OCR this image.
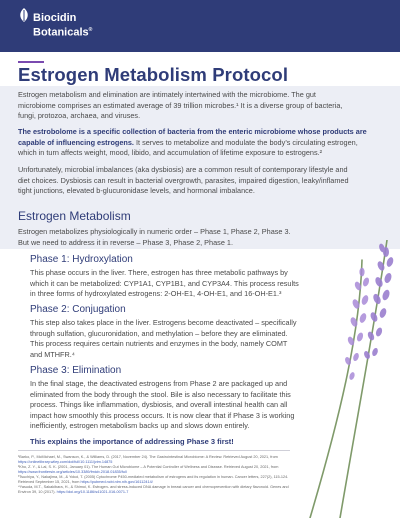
Biocidin
Botanicals®
Estrogen Metabolism Protocol
Estrogen metabolism and elimination are intimately intertwined with the microbiome. The gut
microbiome comprises an estimated average of 39 trillion microbes.¹ It is a diverse group of bacteria,
fungi, protozoa, archaea, and viruses.
The estrobolome is a specific collection of bacteria from the enteric microbiome whose products are
capable of influencing estrogens. It serves to metabolize and modulate the body’s circulating estrogen,
which in turn affects weight, mood, libido, and accumulation of lifetime exposure to estrogens.²
Unfortunately, microbial imbalances (aka dysbiosis) are a common result of contemporary lifestyle and
diet choices. Dysbiosis can result in bacterial overgrowth, parasites, impaired digestion, leaky/inflamed
tight junctions, elevated b-glucuronidase levels, and hormonal imbalance.
Estrogen Metabolism
Estrogen metabolizes physiologically in numeric order – Phase 1, Phase 2, Phase 3.
But we need to address it in reverse – Phase 3, Phase 2, Phase 1.
Phase 1: Hydroxylation
This phase occurs in the liver. There, estrogen has three metabolic pathways by
which it can be metabolized: CYP1A1, CYP1B1, and CYP3A4. This process results
in three forms of hydroxylated estrogens: 2-OH-E1, 4-OH-E1, and 16-OH-E1.³
Phase 2: Conjugation
This step also takes place in the liver. Estrogens become deactivated – specifically
through sulfation, glucuronidation, and methylation – before they are eliminated.
This process requires certain nutrients and enzymes in the body, namely COMT
and MTHFR.⁴
Phase 3: Elimination
In the final stage, the deactivated estrogens from Phase 2 are packaged up and
eliminated from the body through the stool. Bile is also necessary to facilitate this
process. Things like inflammation, dysbiosis, and overall intestinal health can all
impact how smoothly this process occurs. It is now clear that if Phase 3 is working
inefficiently, estrogen metabolism backs up and slows down entirely.
This explains the importance of addressing Phase 3 first!
¹Barko, P., McMichael, M., Swanson, K., & Williams, D. (2017, November 24). The Gastrointestinal Microbiome: A Review. Retrieved August 20, 2021, from https://onlinelibrary.wiley.com/doi/full/10.1111/jvim.14875
²Kho, Z. Y., & Lal, S. K. (2001, January 01). The Human Gut Microbiome – A Potential Controller of Wellness and Disease. Retrieved August 20, 2021, from https://www.frontiersin.org/articles/10.3389/fmicb.2018.01835/full
³Tsuchiya, Y., Nakajima, M., & Yokoi, T. (2005) Cytochrome P450-mediated metabolism of estrogens and its regulation in human. Cancer letters, 227(2), 115-124. Retrieved September 15, 2021, from https://pubmed.ncbi.nlm.nih.gov/16112414/
⁴Yasuda, M.T., Sakakibara, H., & Shimoi, K. Estrogen- and stress-induced DNA damage in breast cancer and chemoprevention with dietary flavonoid. Genes and Environ 39, 10 (2017). https://doi.org/10.1186/s41021-016-0071-7
